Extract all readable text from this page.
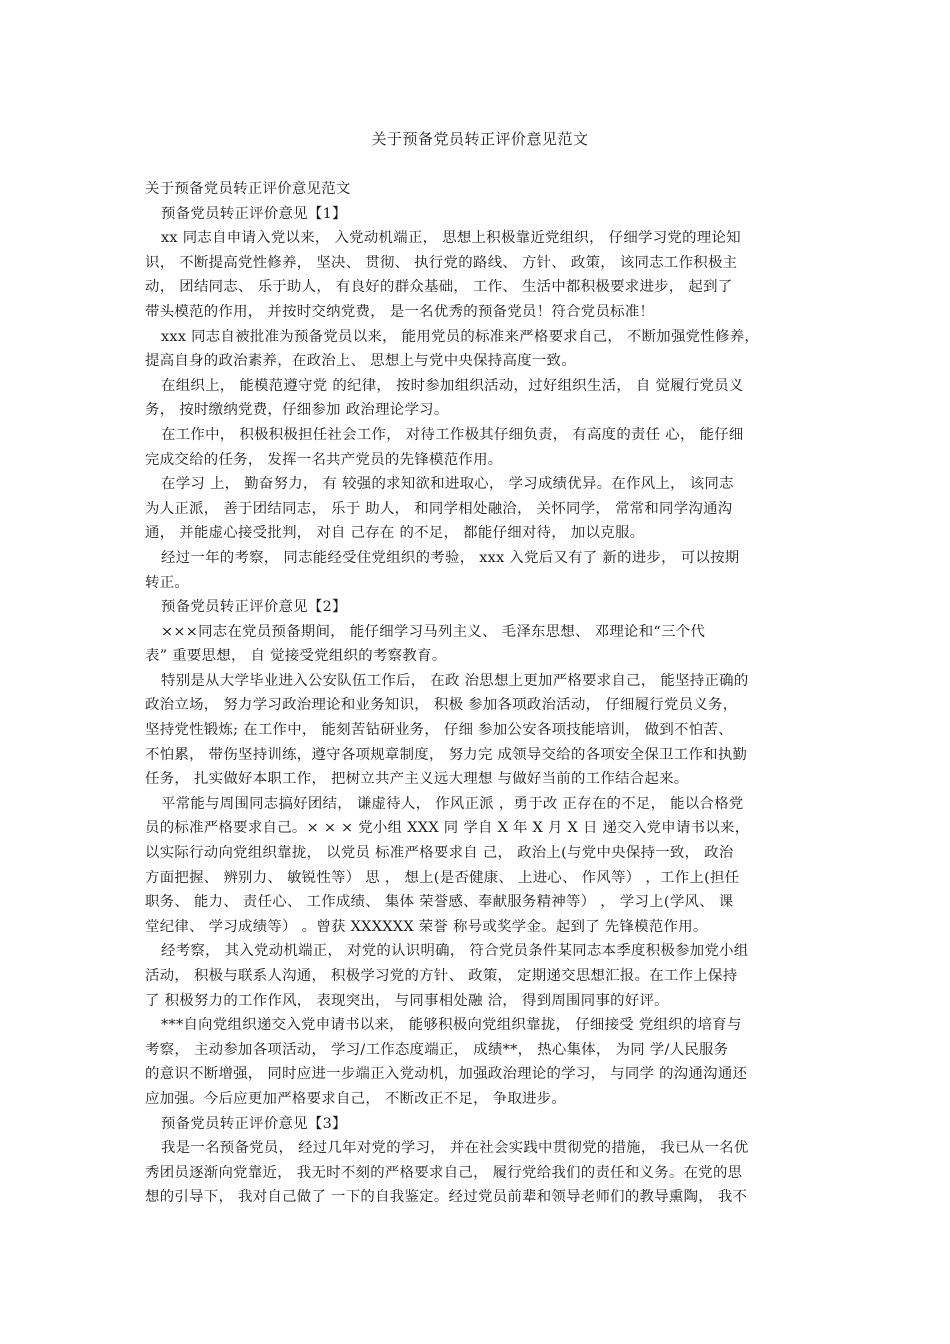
关于预备党员转正评价意见范文
关于预备党员转正评价意见范文
预备党员转正评价意见【1】
xx 同志自申请入党以来， 入党动机端正， 思想上积极靠近党组织， 仔细学习党的理论知
识， 不断提高党性修养， 坚决、 贯彻、 执行党的路线、 方针、 政策， 该同志工作积极主
动， 团结同志、 乐于助人， 有良好的群众基础， 工作、 生活中都积极要求进步， 起到了
带头模范的作用， 并按时交纳党费， 是一名优秀的预备党员！符合党员标准！
xxx 同志自被批准为预备党员以来， 能用党员的标准来严格要求自己， 不断加强党性修养，
提高自身的政治素养，在政治上、 思想上与党中央保持高度一致。
在组织上， 能模范遵守党 的纪律， 按时参加组织活动，过好组织生活， 自 觉履行党员义
务， 按时缴纳党费，仔细参加 政治理论学习。
在工作中， 积极积极担任社会工作， 对待工作极其仔细负责， 有高度的责任 心， 能仔细
完成交给的任务， 发挥一名共产党员的先锋模范作用。
在学习 上， 勤奋努力， 有 较强的求知欲和进取心， 学习成绩优异。在作风上， 该同志
为人正派， 善于团结同志， 乐于 助人， 和同学相处融洽， 关怀同学， 常常和同学沟通沟
通， 并能虚心接受批判， 对自 己存在 的不足， 都能仔细对待， 加以克服。
经过一年的考察， 同志能经受住党组织的考验， xxx 入党后又有了 新的进步， 可以按期
转正。
预备党员转正评价意见【2】
×××同志在党员预备期间， 能仔细学习马列主义、 毛泽东思想、 邓理论和“三个代
表” 重要思想， 自 觉接受党组织的考察教育。
特别是从大学毕业进入公安队伍工作后， 在政 治思想上更加严格要求自己， 能坚持正确的
政治立场， 努力学习政治理论和业务知识， 积极 参加各项政治活动， 仔细履行党员义务，
坚持党性锻炼; 在工作中， 能刻苦钻研业务， 仔细 参加公安各项技能培训， 做到不怕苦、
不怕累， 带伤坚持训练，遵守各项规章制度， 努力完 成领导交给的各项安全保卫工作和执勤
任务， 扎实做好本职工作， 把树立共产主义远大理想 与做好当前的工作结合起来。
平常能与周围同志搞好团结， 谦虚待人， 作风正派 ，勇于改 正存在的不足， 能以合格党
员的标准严格要求自己。× × × 党小组 XXX 同 学自 X 年 X 月 X 日 递交入党申请书以来，
以实际行动向党组织靠拢， 以党员 标准严格要求自 己， 政治上(与党中央保持一致， 政治
方面把握、 辨别力、 敏锐性等） 思 ， 想上(是否健康、 上进心、 作风等） ，工作上(担任
职务、 能力、 责任心、 工作成绩、 集体 荣誉感、奉献服务精神等） ， 学习上(学风、 课
堂纪律、 学习成绩等） 。曾获 XXXXXX 荣誉 称号或奖学金。起到了 先锋模范作用。
经考察， 其入党动机端正， 对党的认识明确， 符合党员条件某同志本季度积极参加党小组
活动， 积极与联系人沟通， 积极学习党的方针、 政策， 定期递交思想汇报。在工作上保持
了 积极努力的工作作风， 表现突出， 与同事相处融 洽， 得到周围同事的好评。
***自向党组织递交入党申请书以来， 能够积极向党组织靠拢， 仔细接受 党组织的培育与
考察， 主动参加各项活动， 学习/工作态度端正， 成绩**， 热心集体， 为同 学/人民服务
的意识不断增强， 同时应进一步端正入党动机，加强政治理论的学习， 与同学 的沟通沟通还
应加强。今后应更加严格要求自己， 不断改正不足， 争取进步。
预备党员转正评价意见【3】
我是一名预备党员， 经过几年对党的学习， 并在社会实践中贯彻党的措施， 我已从一名优
秀团员逐渐向党靠近， 我无时不刻的严格要求自己， 履行党给我们的责任和义务。在党的思
想的引导下， 我对自己做了 一下的自我鉴定。经过党员前辈和领导老师们的教导熏陶， 我不
